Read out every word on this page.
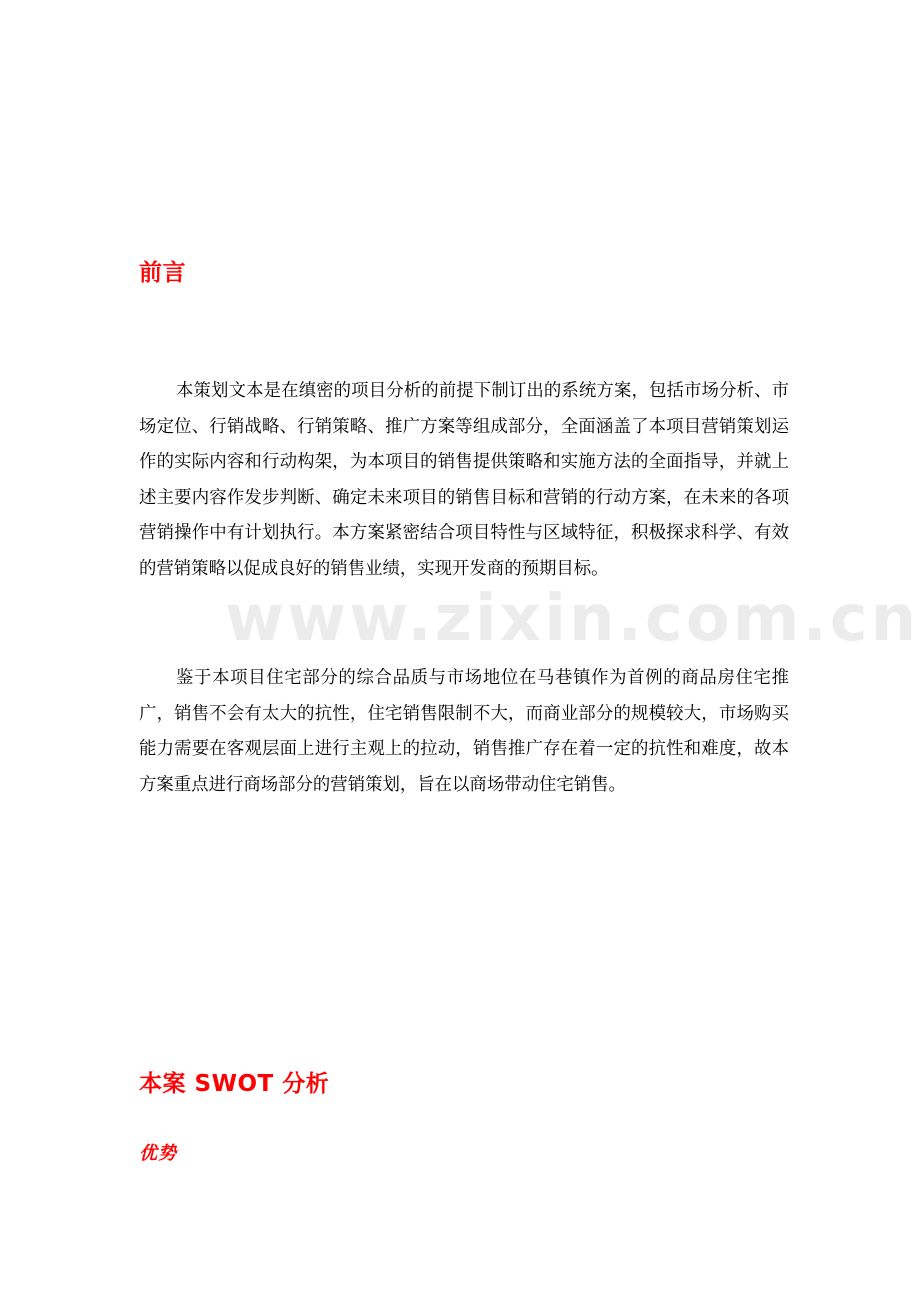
前言

本策划文本是在缜密的项目分析的前提下制订出的系统方案，包括市场分析、市场定位、行销战略、行销策略、推广方案等组成部分，全面涵盖了本项目营销策划运作的实际内容和行动构架，为本项目的销售提供策略和实施方法的全面指导，并就上述主要内容作发步判断、确定未来项目的销售目标和营销的行动方案，在未来的各项营销操作中有计划执行。本方案紧密结合项目特性与区域特征，积极探求科学、有效的营销策略以促成良好的销售业绩，实现开发商的预期目标。

鉴于本项目住宅部分的综合品质与市场地位在马巷镇作为首例的商品房住宅推广，销售不会有太大的抗性，住宅销售限制不大，而商业部分的规模较大，市场购买能力需要在客观层面上进行主观上的拉动，销售推广存在着一定的抗性和难度，故本方案重点进行商场部分的营销策划，旨在以商场带动住宅销售。

www.zixin.com.cn
本案 SWOT 分析
优势
